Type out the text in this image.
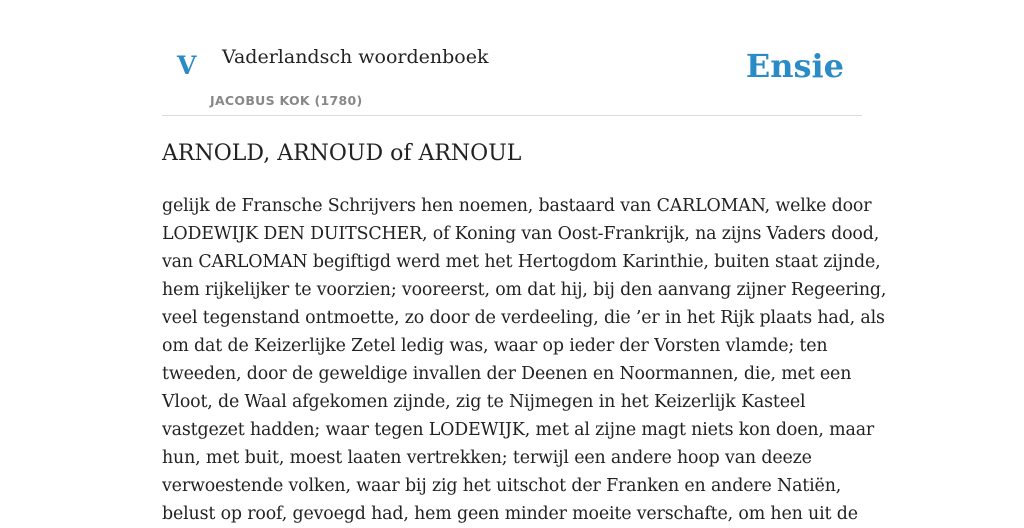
V Vaderlandsch woordenboek
JACOBUS KOK (1780)
Ensie
ARNOLD, ARNOUD of ARNOUL
gelijk de Fransche Schrijvers hen noemen, bastaard van CARLOMAN, welke door
LODEWIJK DEN DUITSCHER, of Koning van Oost-Frankrijk, na zijns Vaders dood,
van CARLOMAN begiftigd werd met het Hertogdom Karinthie, buiten staat zijnde,
hem rijkelijker te voorzien; vooreerst, om dat hij, bij den aanvang zijner Regeering,
veel tegenstand ontmoette, zo door de verdeeling, die ’er in het Rijk plaats had, als
om dat de Keizerlijke Zetel ledig was, waar op ieder der Vorsten vlamde; ten
tweeden, door de geweldige invallen der Deenen en Noormannen, die, met een
Vloot, de Waal afgekomen zijnde, zig te Nijmegen in het Keizerlijk Kasteel
vastgezet hadden; waar tegen LODEWIJK, met al zijne magt niets kon doen, maar
hun, met buit, moest laaten vertrekken; terwijl een andere hoop van deeze
verwoestende volken, waar bij zig het uitschot der Franken en andere Natiën,
belust op roof, gevoegd had, hem geen minder moeite verschafte, om hen uit de
